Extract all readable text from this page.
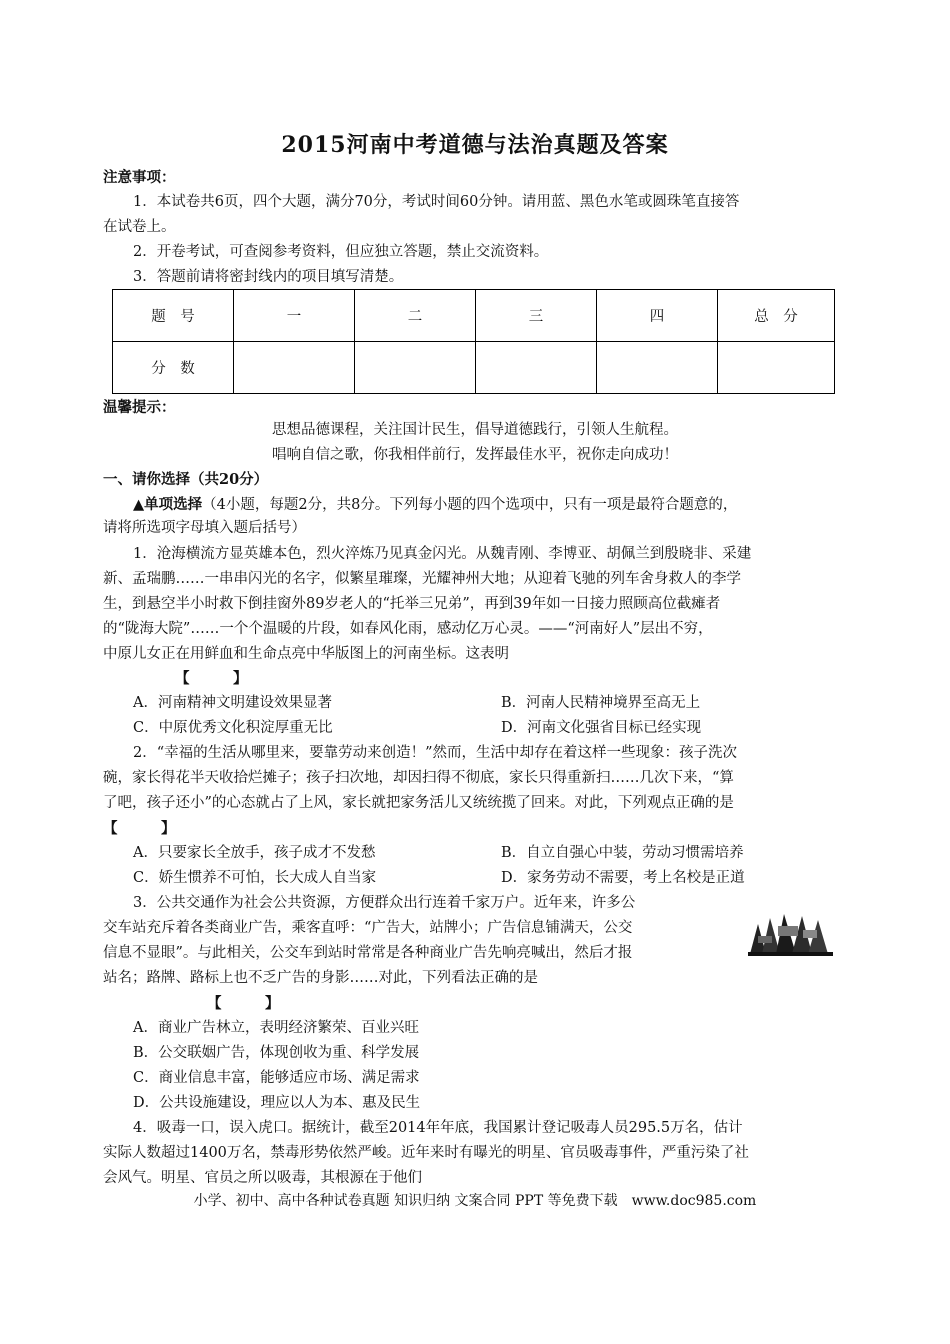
2015河南中考道德与法治真题及答案
注意事项：
1．本试卷共6页，四个大题，满分70分，考试时间60分钟。请用蓝、黑色水笔或圆珠笔直接答
在试卷上。
2．开卷考试，可查阅参考资料，但应独立答题，禁止交流资料。
3．答题前请将密封线内的项目填写清楚。
题　号	一	二	三	四	总　分
分　数					
温馨提示：
思想品德课程，关注国计民生，倡导道德践行，引领人生航程。
唱响自信之歌，你我相伴前行，发挥最佳水平，祝你走向成功！
一、请你选择（共20分）
▲单项选择（4小题，每题2分，共8分。下列每小题的四个选项中，只有一项是最符合题意的，
请将所选项字母填入题后括号）
1．沧海横流方显英雄本色，烈火淬炼乃见真金闪光。从魏青刚、李博亚、胡佩兰到殷晓非、采建
新、孟瑞鹏……一串串闪光的名字，似繁星璀璨，光耀神州大地；从迎着飞驰的列车舍身救人的李学
生，到悬空半小时救下倒挂窗外89岁老人的“托举三兄弟”，再到39年如一日接力照顾高位截瘫者
的“陇海大院”……一个个温暖的片段，如春风化雨，感动亿万心灵。——“河南好人”层出不穷，
中原儿女正在用鲜血和生命点亮中华版图上的河南坐标。这表明
【　　　】
A．河南精神文明建设效果显著	B．河南人民精神境界至高无上
C．中原优秀文化积淀厚重无比	D．河南文化强省目标已经实现
2．“幸福的生活从哪里来，要靠劳动来创造！”然而，生活中却存在着这样一些现象：孩子洗次
碗，家长得花半天收拾烂摊子；孩子扫次地，却因扫得不彻底，家长只得重新扫……几次下来，“算
了吧，孩子还小”的心态就占了上风，家长就把家务活儿又统统揽了回来。对此，下列观点正确的是
【　　　】
A．只要家长全放手，孩子成才不发愁	B．自立自强心中装，劳动习惯需培养
C．娇生惯养不可怕，长大成人自当家	D．家务劳动不需要，考上名校是正道
3．公共交通作为社会公共资源，方便群众出行连着千家万户。近年来，许多公
交车站充斥着各类商业广告，乘客直呼：“广告大，站牌小；广告信息铺满天，公交
信息不显眼”。与此相关，公交车到站时常常是各种商业广告先响亮喊出，然后才报
站名；路牌、路标上也不乏广告的身影……对此，下列看法正确的是
【　　　】
A．商业广告林立，表明经济繁荣、百业兴旺
B．公交联姻广告，体现创收为重、科学发展
C．商业信息丰富，能够适应市场、满足需求
D．公共设施建设，理应以人为本、惠及民生
4．吸毒一口，误入虎口。据统计，截至2014年年底，我国累计登记吸毒人员295.5万名，估计
实际人数超过1400万名，禁毒形势依然严峻。近年来时有曝光的明星、官员吸毒事件，严重污染了社
会风气。明星、官员之所以吸毒，其根源在于他们
小学、初中、高中各种试卷真题 知识归纳 文案合同 PPT 等免费下载　www.doc985.com
